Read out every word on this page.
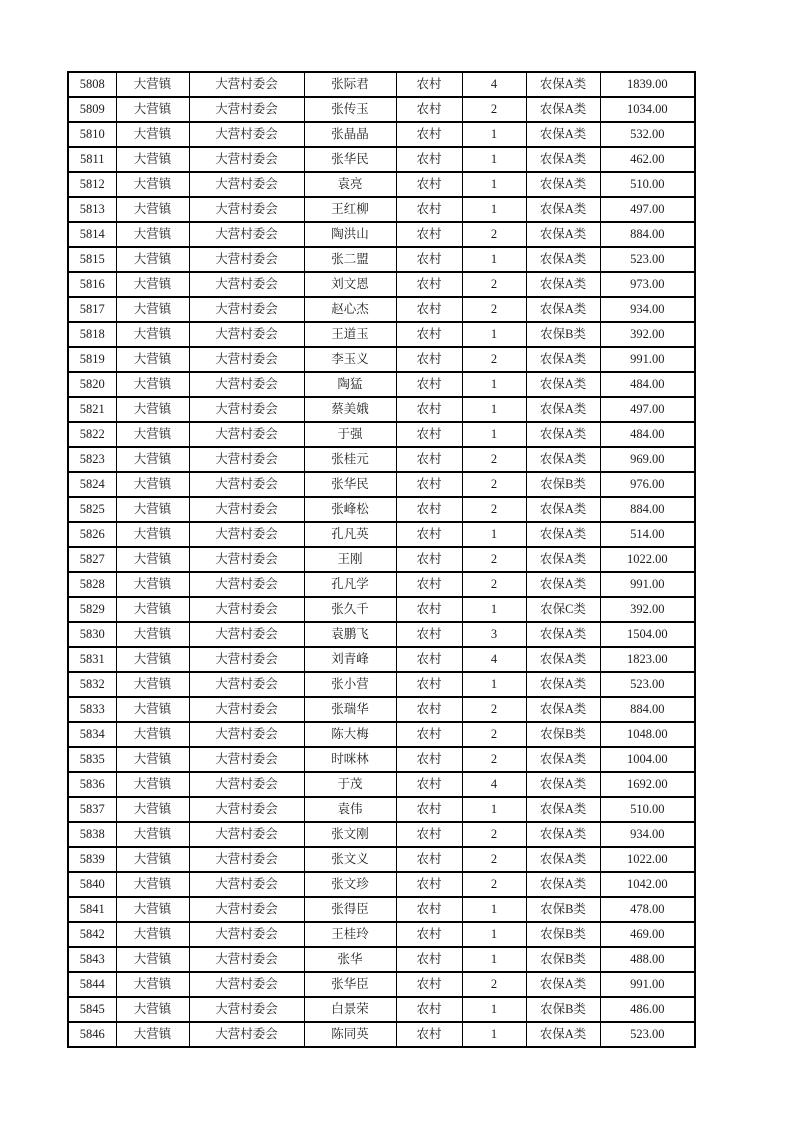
5808	大营镇	大营村委会	张际君	农村	4	农保A类	1839.00
5809	大营镇	大营村委会	张传玉	农村	2	农保A类	1034.00
5810	大营镇	大营村委会	张晶晶	农村	1	农保A类	532.00
5811	大营镇	大营村委会	张华民	农村	1	农保A类	462.00
5812	大营镇	大营村委会	袁亮	农村	1	农保A类	510.00
5813	大营镇	大营村委会	王红柳	农村	1	农保A类	497.00
5814	大营镇	大营村委会	陶洪山	农村	2	农保A类	884.00
5815	大营镇	大营村委会	张二盟	农村	1	农保A类	523.00
5816	大营镇	大营村委会	刘文恩	农村	2	农保A类	973.00
5817	大营镇	大营村委会	赵心杰	农村	2	农保A类	934.00
5818	大营镇	大营村委会	王道玉	农村	1	农保B类	392.00
5819	大营镇	大营村委会	李玉义	农村	2	农保A类	991.00
5820	大营镇	大营村委会	陶猛	农村	1	农保A类	484.00
5821	大营镇	大营村委会	蔡美娥	农村	1	农保A类	497.00
5822	大营镇	大营村委会	于强	农村	1	农保A类	484.00
5823	大营镇	大营村委会	张桂元	农村	2	农保A类	969.00
5824	大营镇	大营村委会	张华民	农村	2	农保B类	976.00
5825	大营镇	大营村委会	张峰松	农村	2	农保A类	884.00
5826	大营镇	大营村委会	孔凡英	农村	1	农保A类	514.00
5827	大营镇	大营村委会	王刚	农村	2	农保A类	1022.00
5828	大营镇	大营村委会	孔凡学	农村	2	农保A类	991.00
5829	大营镇	大营村委会	张久千	农村	1	农保C类	392.00
5830	大营镇	大营村委会	袁鹏飞	农村	3	农保A类	1504.00
5831	大营镇	大营村委会	刘青峰	农村	4	农保A类	1823.00
5832	大营镇	大营村委会	张小营	农村	1	农保A类	523.00
5833	大营镇	大营村委会	张瑞华	农村	2	农保A类	884.00
5834	大营镇	大营村委会	陈大梅	农村	2	农保B类	1048.00
5835	大营镇	大营村委会	时咪林	农村	2	农保A类	1004.00
5836	大营镇	大营村委会	于茂	农村	4	农保A类	1692.00
5837	大营镇	大营村委会	袁伟	农村	1	农保A类	510.00
5838	大营镇	大营村委会	张文刚	农村	2	农保A类	934.00
5839	大营镇	大营村委会	张文义	农村	2	农保A类	1022.00
5840	大营镇	大营村委会	张文珍	农村	2	农保A类	1042.00
5841	大营镇	大营村委会	张得臣	农村	1	农保B类	478.00
5842	大营镇	大营村委会	王桂玲	农村	1	农保B类	469.00
5843	大营镇	大营村委会	张华	农村	1	农保B类	488.00
5844	大营镇	大营村委会	张华臣	农村	2	农保A类	991.00
5845	大营镇	大营村委会	白景荣	农村	1	农保B类	486.00
5846	大营镇	大营村委会	陈同英	农村	1	农保A类	523.00
